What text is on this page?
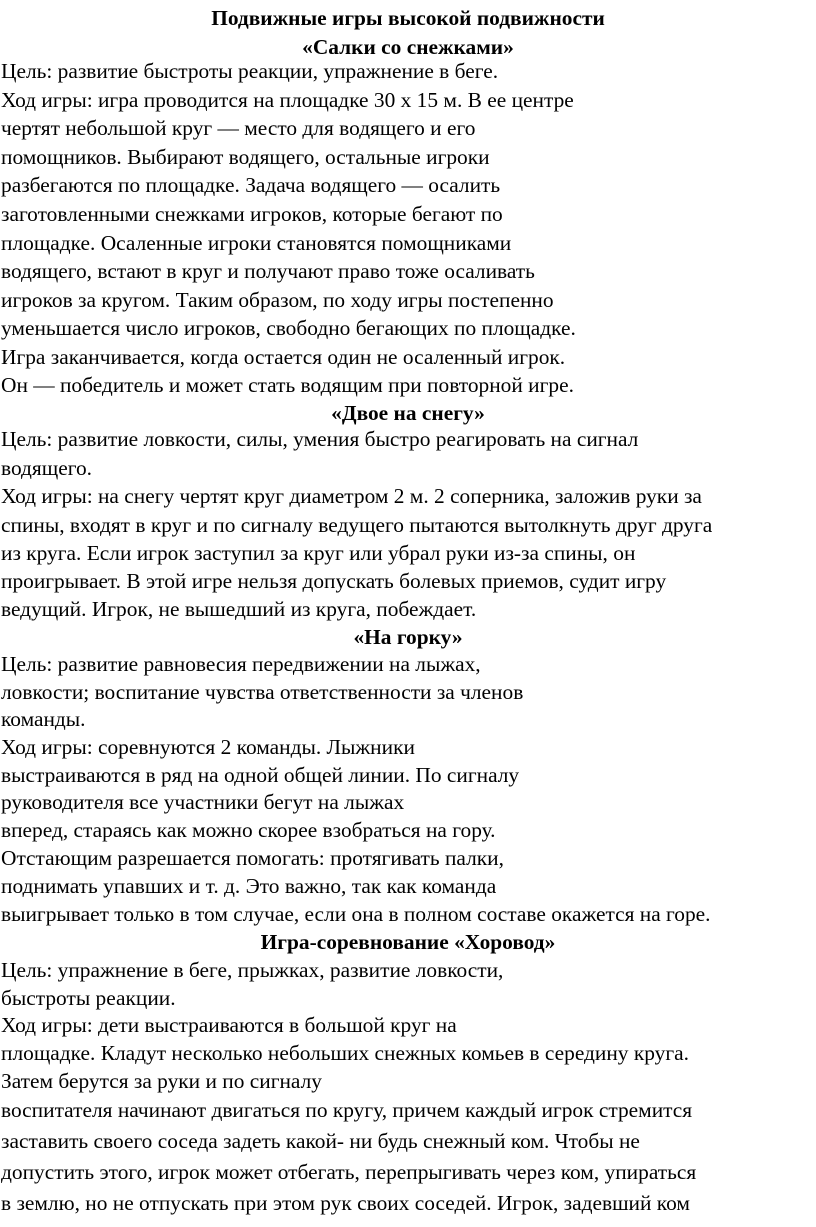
Подвижные игры высокой подвижности
«Салки со снежками»
Цель: развитие быстроты реакции, упражнение в беге.
Ход игры: игра проводится на площадке 30 х 15 м. В ее центре
чертят небольшой круг — место для водящего и его
помощников. Выбирают водящего, остальные игроки
разбегаются по площадке. Задача водящего — осалить
заготовленными снежками игроков, которые бегают по
площадке. Осаленные игроки становятся помощниками
водящего, встают в круг и получают право тоже осаливать
игроков за кругом. Таким образом, по ходу игры постепенно
уменьшается число игроков, свободно бегающих по площадке.
Игра заканчивается, когда остается один не осаленный игрок.
Он — победитель и может стать водящим при повторной игре.
«Двое на снегу»
Цель: развитие ловкости, силы, умения быстро реагировать на сигнал
водящего.
Ход игры: на снегу чертят круг диаметром 2 м. 2 соперника, заложив руки за
спины, входят в круг и по сигналу ведущего пытаются вытолкнуть друг друга
из круга. Если игрок заступил за круг или убрал руки из-за спины, он
проигрывает. В этой игре нельзя допускать болевых приемов, судит игру
ведущий. Игрок, не вышедший из круга, побеждает.
«На горку»
Цель: развитие равновесия передвижении на лыжах,
ловкости; воспитание чувства ответственности за членов
команды.
Ход игры: соревнуются 2 команды. Лыжники
выстраиваются в ряд на одной общей линии. По сигналу
руководителя все участники бегут на лыжах
вперед, стараясь как можно скорее взобраться на гору.
Отстающим разрешается помогать: протягивать палки,
поднимать упавших и т. д. Это важно, так как команда
выигрывает только в том случае, если она в полном составе окажется на горе.
Игра-соревнование «Хоровод»
Цель: упражнение в беге, прыжках, развитие ловкости,
быстроты реакции.
Ход игры: дети выстраиваются в большой круг на
площадке. Кладут несколько небольших снежных комьев в середину круга.
Затем берутся за руки и по сигналу
воспитателя начинают двигаться по кругу, причем каждый игрок стремится
заставить своего соседа задеть какой- ни будь снежный ком. Чтобы не
допустить этого, игрок может отбегать, перепрыгивать через ком, упираться
в землю, но не отпускать при этом рук своих соседей. Игрок, задевший ком
